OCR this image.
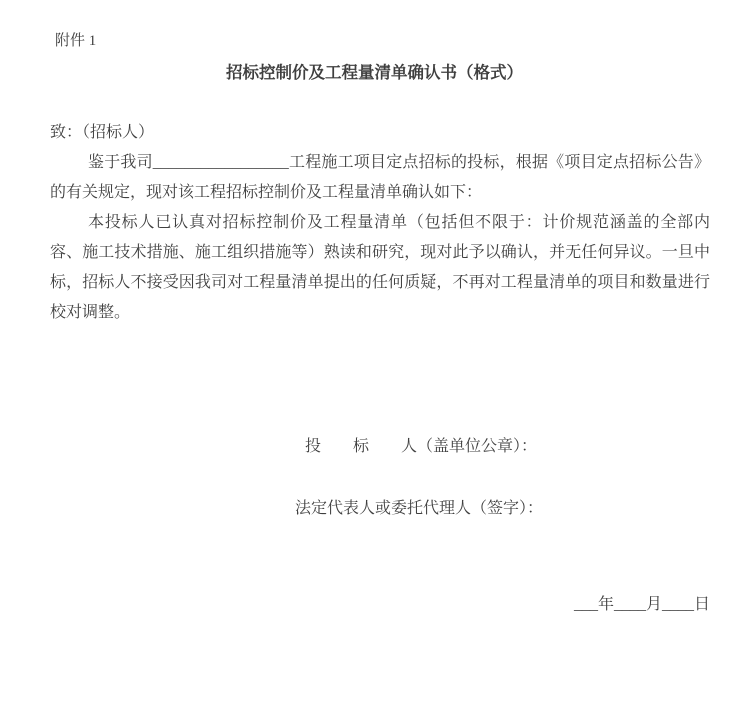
附件 1
招标控制价及工程量清单确认书（格式）

致：（招标人）

鉴于我司_________________工程施工项目定点招标的投标，根据《项目定点招标公告》的有关规定，现对该工程招标控制价及工程量清单确认如下：

本投标人已认真对招标控制价及工程量清单（包括但不限于：计价规范涵盖的全部内容、施工技术措施、施工组织措施等）熟读和研究，现对此予以确认，并无任何异议。一旦中标，招标人不接受因我司对工程量清单提出的任何质疑，不再对工程量清单的项目和数量进行校对调整。

投　　标　　人（盖单位公章）：

法定代表人或委托代理人（签字）：

___年____月____日
